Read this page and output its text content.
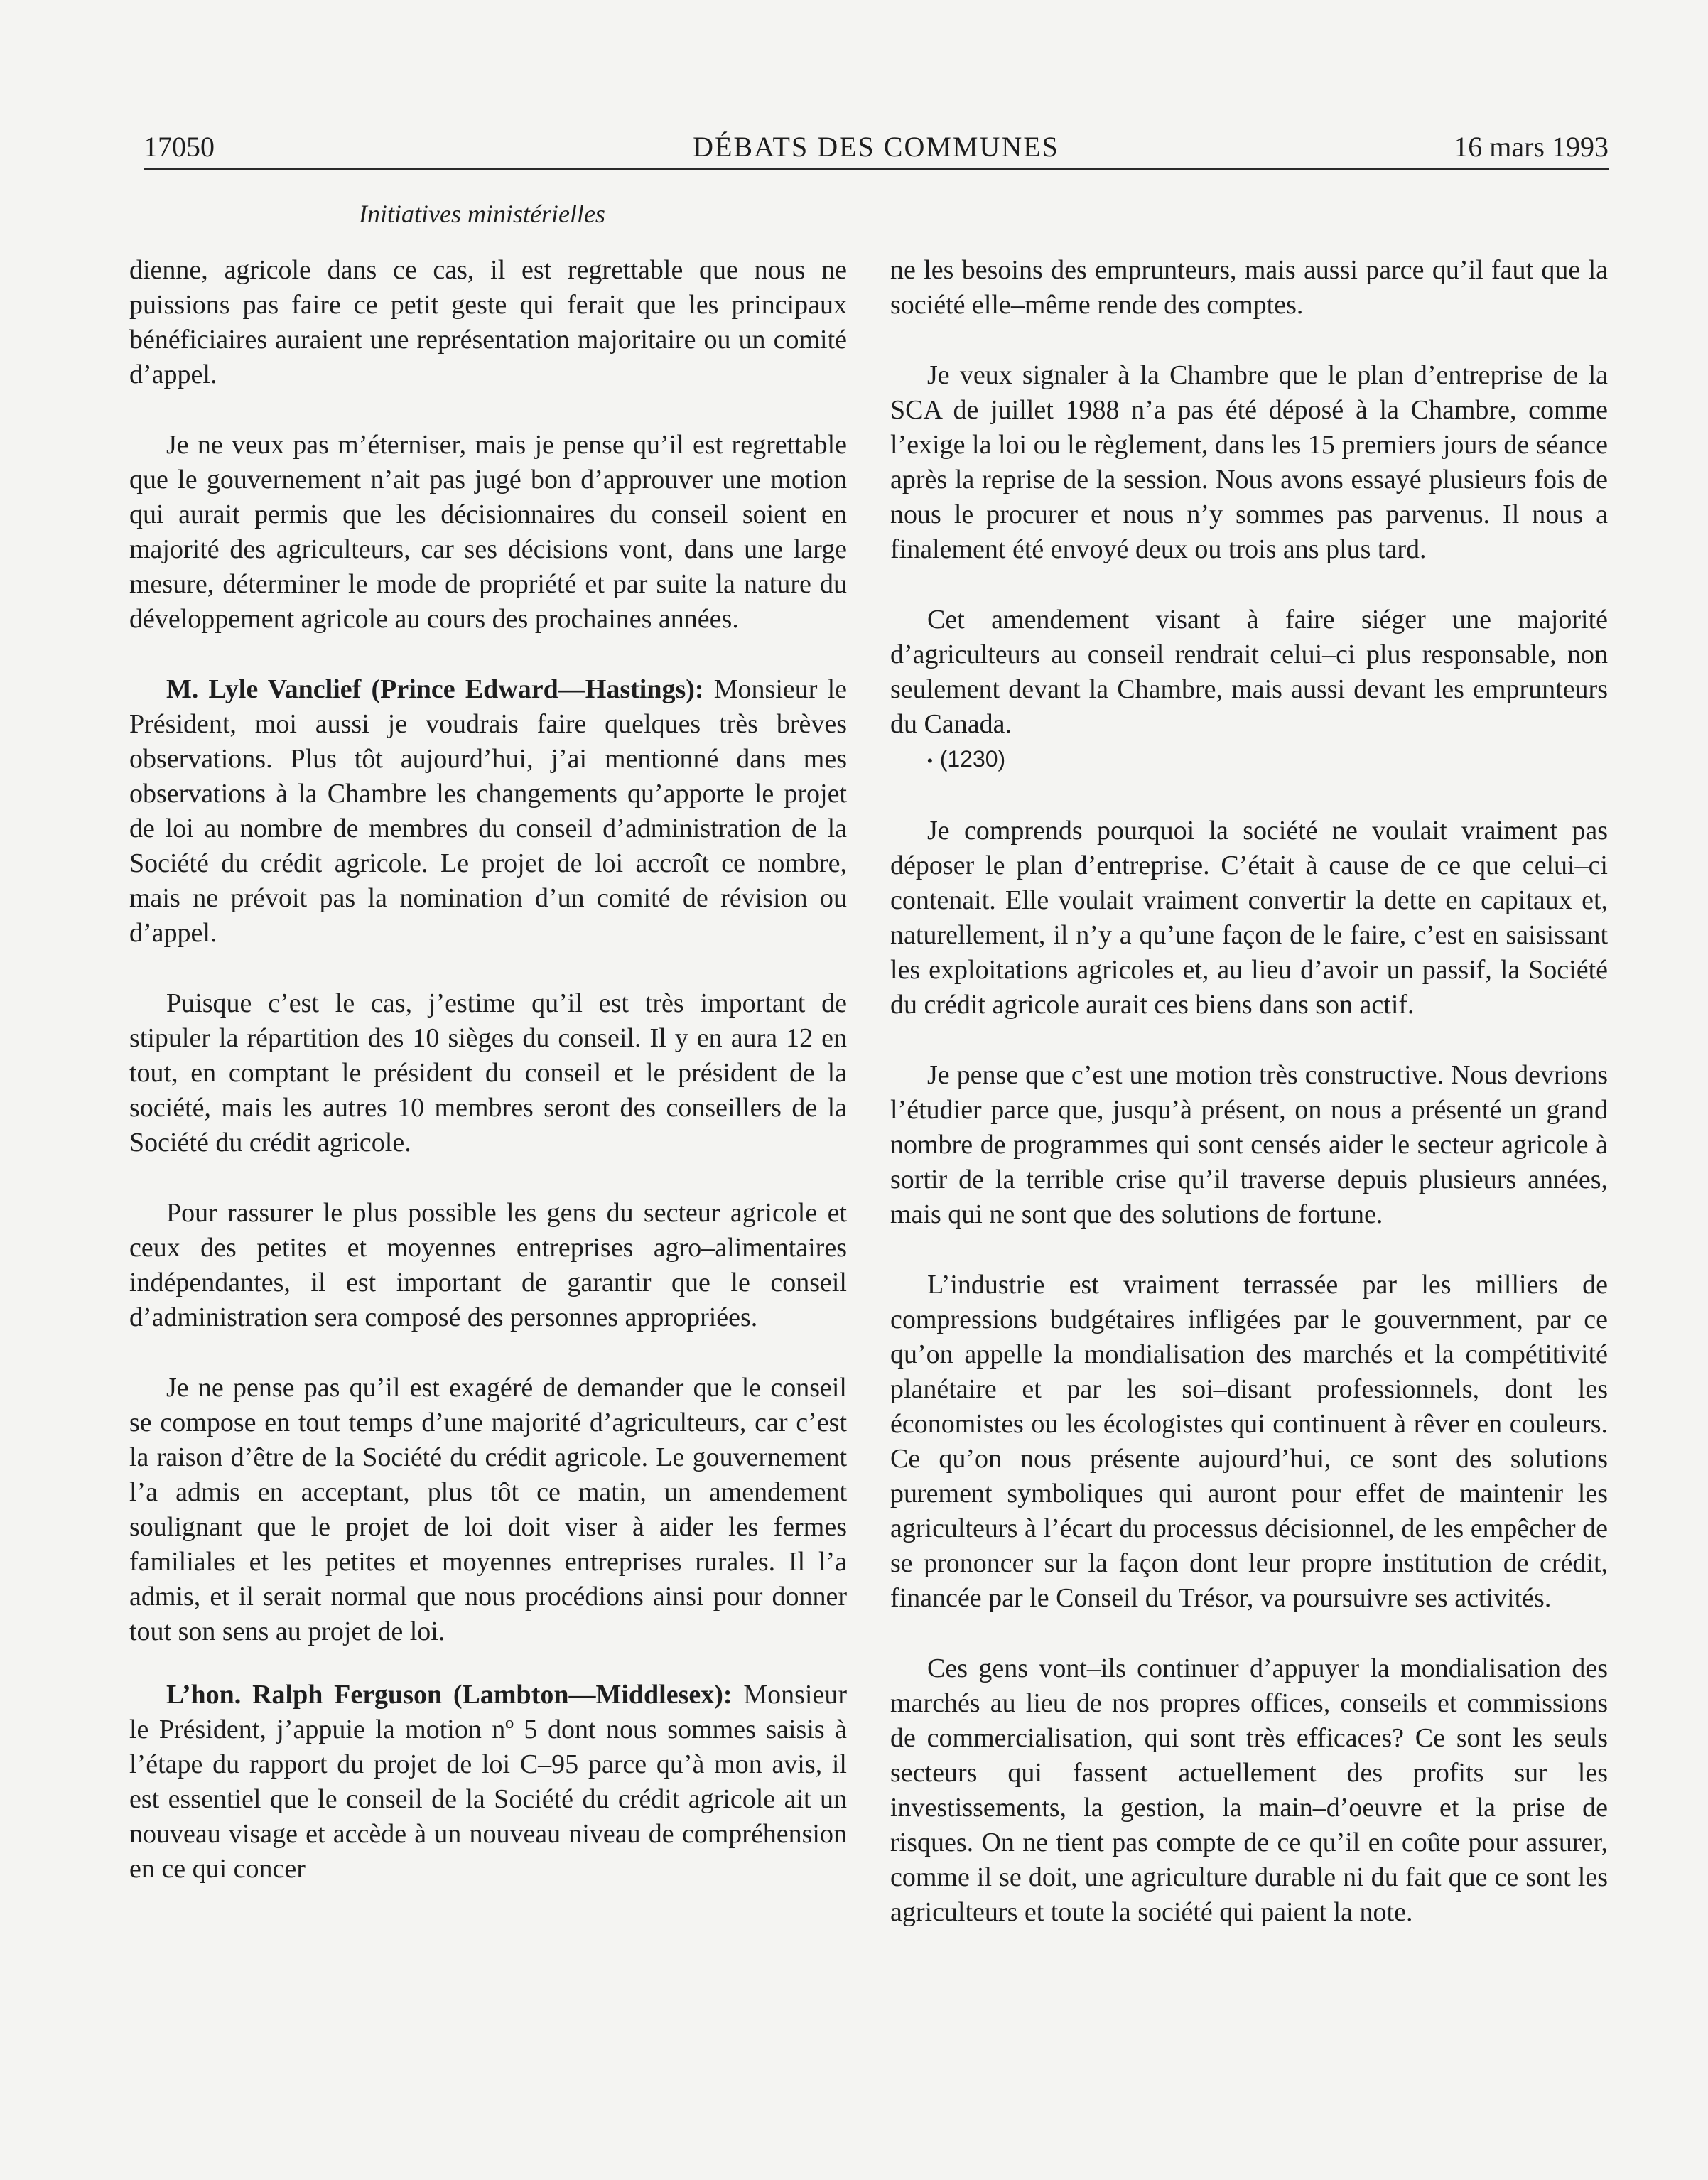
17050	DÉBATS DES COMMUNES	16 mars 1993
Initiatives ministérielles

dienne, agricole dans ce cas, il est regrettable que nous ne puissions pas faire ce petit geste qui ferait que les principaux bénéficiaires auraient une représentation majoritaire ou un comité d’appel.

Je ne veux pas m’éterniser, mais je pense qu’il est regrettable que le gouvernement n’ait pas jugé bon d’approuver une motion qui aurait permis que les décisionnaires du conseil soient en majorité des agriculteurs, car ses décisions vont, dans une large mesure, déterminer le mode de propriété et par suite la nature du développement agricole au cours des prochaines années.

M. Lyle Vanclief (Prince Edward—Hastings): Monsieur le Président, moi aussi je voudrais faire quelques très brèves observations. Plus tôt aujourd’hui, j’ai mentionné dans mes observations à la Chambre les changements qu’apporte le projet de loi au nombre de membres du conseil d’administration de la Société du crédit agricole. Le projet de loi accroît ce nombre, mais ne prévoit pas la nomination d’un comité de révision ou d’appel.

Puisque c’est le cas, j’estime qu’il est très important de stipuler la répartition des 10 sièges du conseil. Il y en aura 12 en tout, en comptant le président du conseil et le président de la société, mais les autres 10 membres seront des conseillers de la Société du crédit agricole.

Pour rassurer le plus possible les gens du secteur agricole et ceux des petites et moyennes entreprises agro–alimentaires indépendantes, il est important de garantir que le conseil d’administration sera composé des personnes appropriées.

Je ne pense pas qu’il est exagéré de demander que le conseil se compose en tout temps d’une majorité d’agriculteurs, car c’est la raison d’être de la Société du crédit agricole. Le gouvernement l’a admis en acceptant, plus tôt ce matin, un amendement soulignant que le projet de loi doit viser à aider les fermes familiales et les petites et moyennes entreprises rurales. Il l’a admis, et il serait normal que nous procédions ainsi pour donner tout son sens au projet de loi.

L’hon. Ralph Ferguson (Lambton—Middlesex): Monsieur le Président, j’appuie la motion nº 5 dont nous sommes saisis à l’étape du rapport du projet de loi C–95 parce qu’à mon avis, il est essentiel que le conseil de la Société du crédit agricole ait un nouveau visage et accède à un nouveau niveau de compréhension en ce qui concer

ne les besoins des emprunteurs, mais aussi parce qu’il faut que la société elle–même rende des comptes.

Je veux signaler à la Chambre que le plan d’entreprise de la SCA de juillet 1988 n’a pas été déposé à la Chambre, comme l’exige la loi ou le règlement, dans les 15 premiers jours de séance après la reprise de la session. Nous avons essayé plusieurs fois de nous le procurer et nous n’y sommes pas parvenus. Il nous a finalement été envoyé deux ou trois ans plus tard.

Cet amendement visant à faire siéger une majorité d’agriculteurs au conseil rendrait celui–ci plus responsable, non seulement devant la Chambre, mais aussi devant les emprunteurs du Canada.

• (1230)

Je comprends pourquoi la société ne voulait vraiment pas déposer le plan d’entreprise. C’était à cause de ce que celui–ci contenait. Elle voulait vraiment convertir la dette en capitaux et, naturellement, il n’y a qu’une façon de le faire, c’est en saisissant les exploitations agricoles et, au lieu d’avoir un passif, la Société du crédit agricole aurait ces biens dans son actif.

Je pense que c’est une motion très constructive. Nous devrions l’étudier parce que, jusqu’à présent, on nous a présenté un grand nombre de programmes qui sont censés aider le secteur agricole à sortir de la terrible crise qu’il traverse depuis plusieurs années, mais qui ne sont que des solutions de fortune.

L’industrie est vraiment terrassée par les milliers de compressions budgétaires infligées par le gouvernment, par ce qu’on appelle la mondialisation des marchés et la compétitivité planétaire et par les soi–disant professionnels, dont les économistes ou les écologistes qui continuent à rêver en couleurs. Ce qu’on nous présente aujourd’hui, ce sont des solutions purement symboliques qui auront pour effet de maintenir les agriculteurs à l’écart du processus décisionnel, de les empêcher de se prononcer sur la façon dont leur propre institution de crédit, financée par le Conseil du Trésor, va poursuivre ses activités.

Ces gens vont–ils continuer d’appuyer la mondialisation des marchés au lieu de nos propres offices, conseils et commissions de commercialisation, qui sont très efficaces? Ce sont les seuls secteurs qui fassent actuellement des profits sur les investissements, la gestion, la main–d’oeuvre et la prise de risques. On ne tient pas compte de ce qu’il en coûte pour assurer, comme il se doit, une agriculture durable ni du fait que ce sont les agriculteurs et toute la société qui paient la note.
